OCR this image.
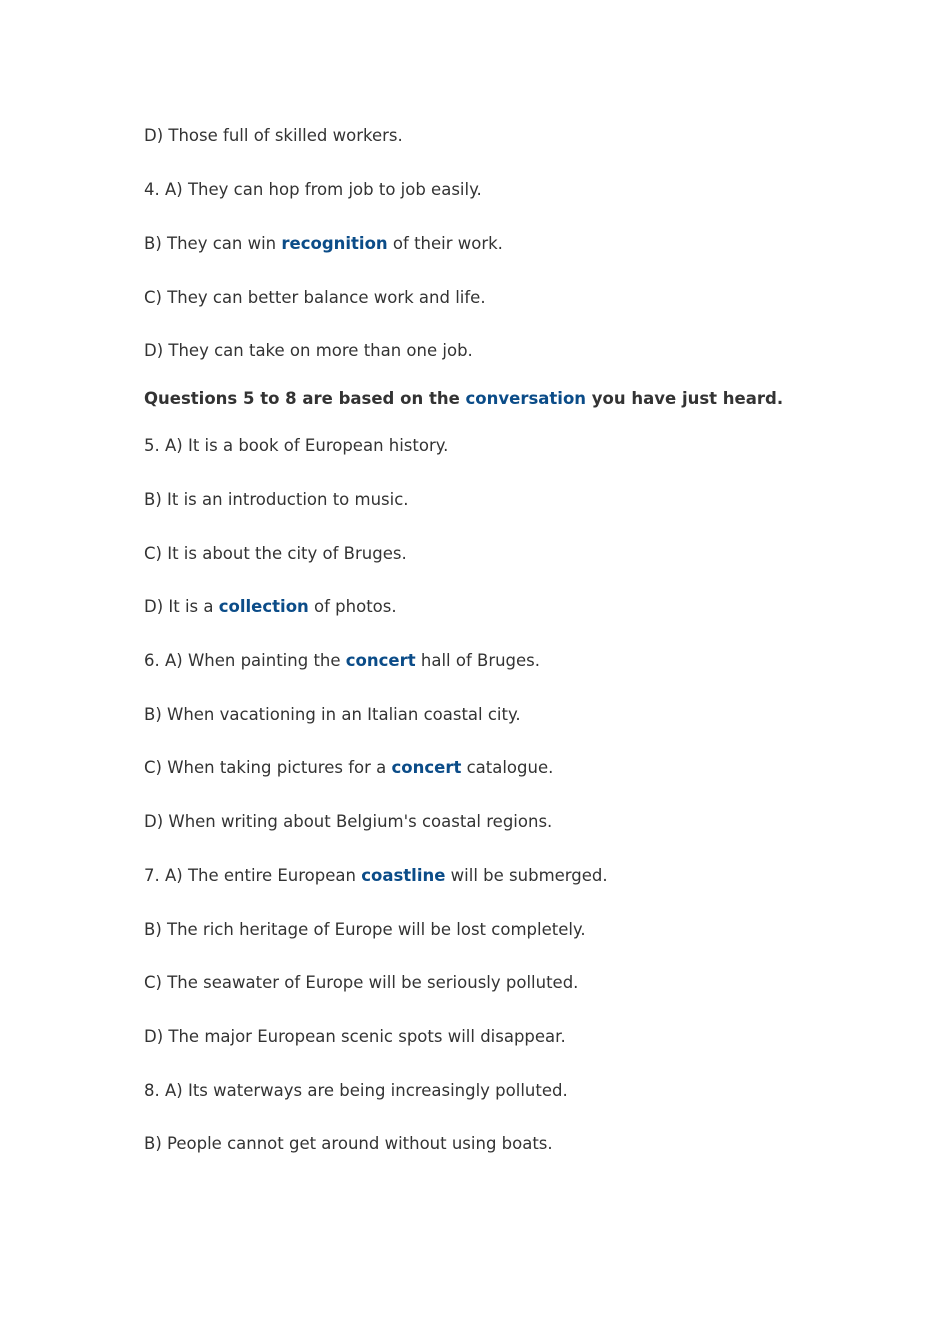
D) Those full of skilled workers.
4. A) They can hop from job to job easily.
B) They can win recognition of their work.
C) They can better balance work and life.
D) They can take on more than one job.
Questions 5 to 8 are based on the conversation you have just heard.
5. A) It is a book of European history.
B) It is an introduction to music.
C) It is about the city of Bruges.
D) It is a collection of photos.
6. A) When painting the concert hall of Bruges.
B) When vacationing in an Italian coastal city.
C) When taking pictures for a concert catalogue.
D) When writing about Belgium's coastal regions.
7. A) The entire European coastline will be submerged.
B) The rich heritage of Europe will be lost completely.
C) The seawater of Europe will be seriously polluted.
D) The major European scenic spots will disappear.
8. A) Its waterways are being increasingly polluted.
B) People cannot get around without using boats.
